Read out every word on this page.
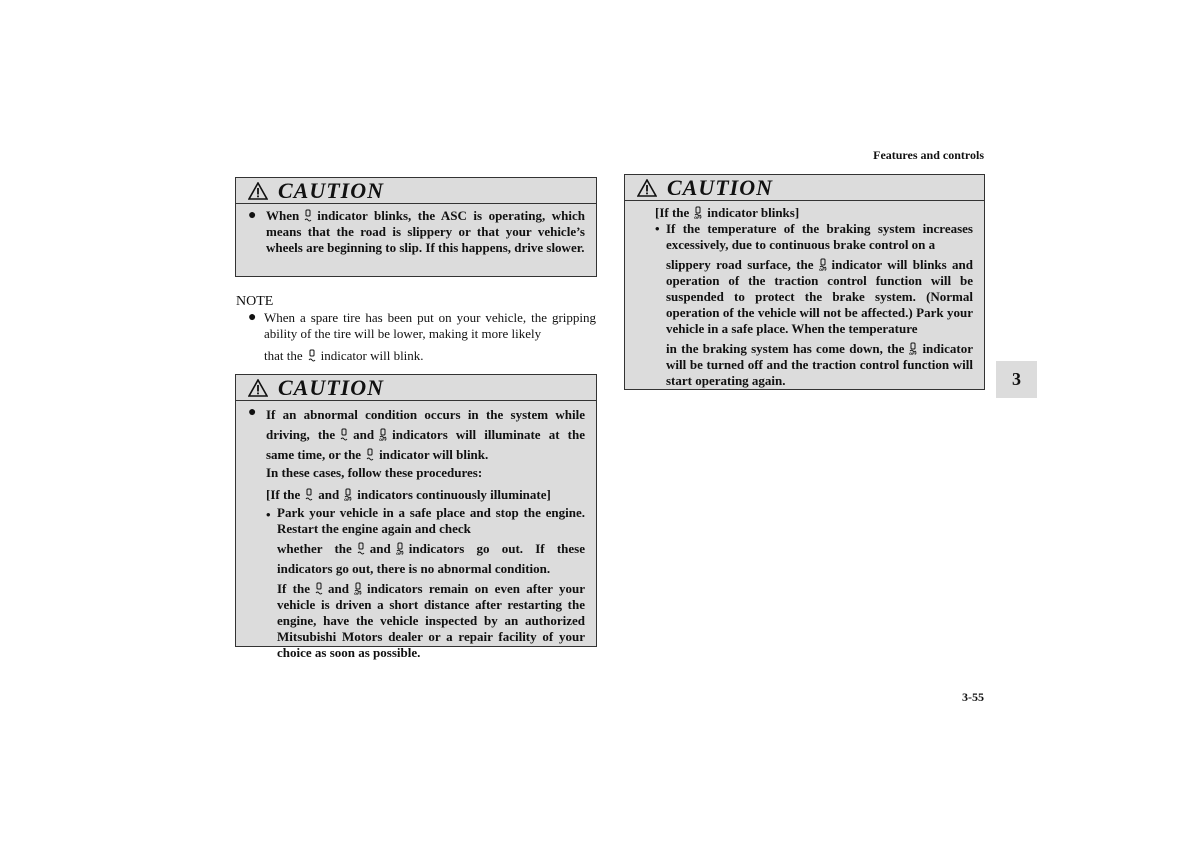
Features and controls
3-55
3
CAUTION
● When indicator blinks, the ASC is operating, which means that the road is slippery or that your vehicle’s wheels are beginning to slip. If this happens, drive slower.
NOTE
● When a spare tire has been put on your vehicle, the gripping ability of the tire will be lower, making it more likely
that the indicator will blink.
CAUTION
● If an abnormal condition occurs in the system while driving, the and OFF indicators will illuminate at the same time, or the indicator will blink.
In these cases, follow these procedures:
[If the and OFF indicators continuously illuminate]
• Park your vehicle in a safe place and stop the engine. Restart the engine again and check
whether the and OFF indicators go out. If these indicators go out, there is no abnormal condition.
If the and OFF indicators remain on even after your vehicle is driven a short distance after restarting the engine, have the vehicle inspected by an authorized Mitsubishi Motors dealer or a repair facility of your choice as soon as possible.
CAUTION
[If the OFF indicator blinks]
• If the temperature of the braking system increases excessively, due to continuous brake control on a
slippery road surface, the OFF indicator will blinks and operation of the traction control function will be suspended to protect the brake system. (Normal operation of the vehicle will not be affected.) Park your vehicle in a safe place. When the temperature
in the braking system has come down, the OFF indicator will be turned off and the traction control function will start operating again.
